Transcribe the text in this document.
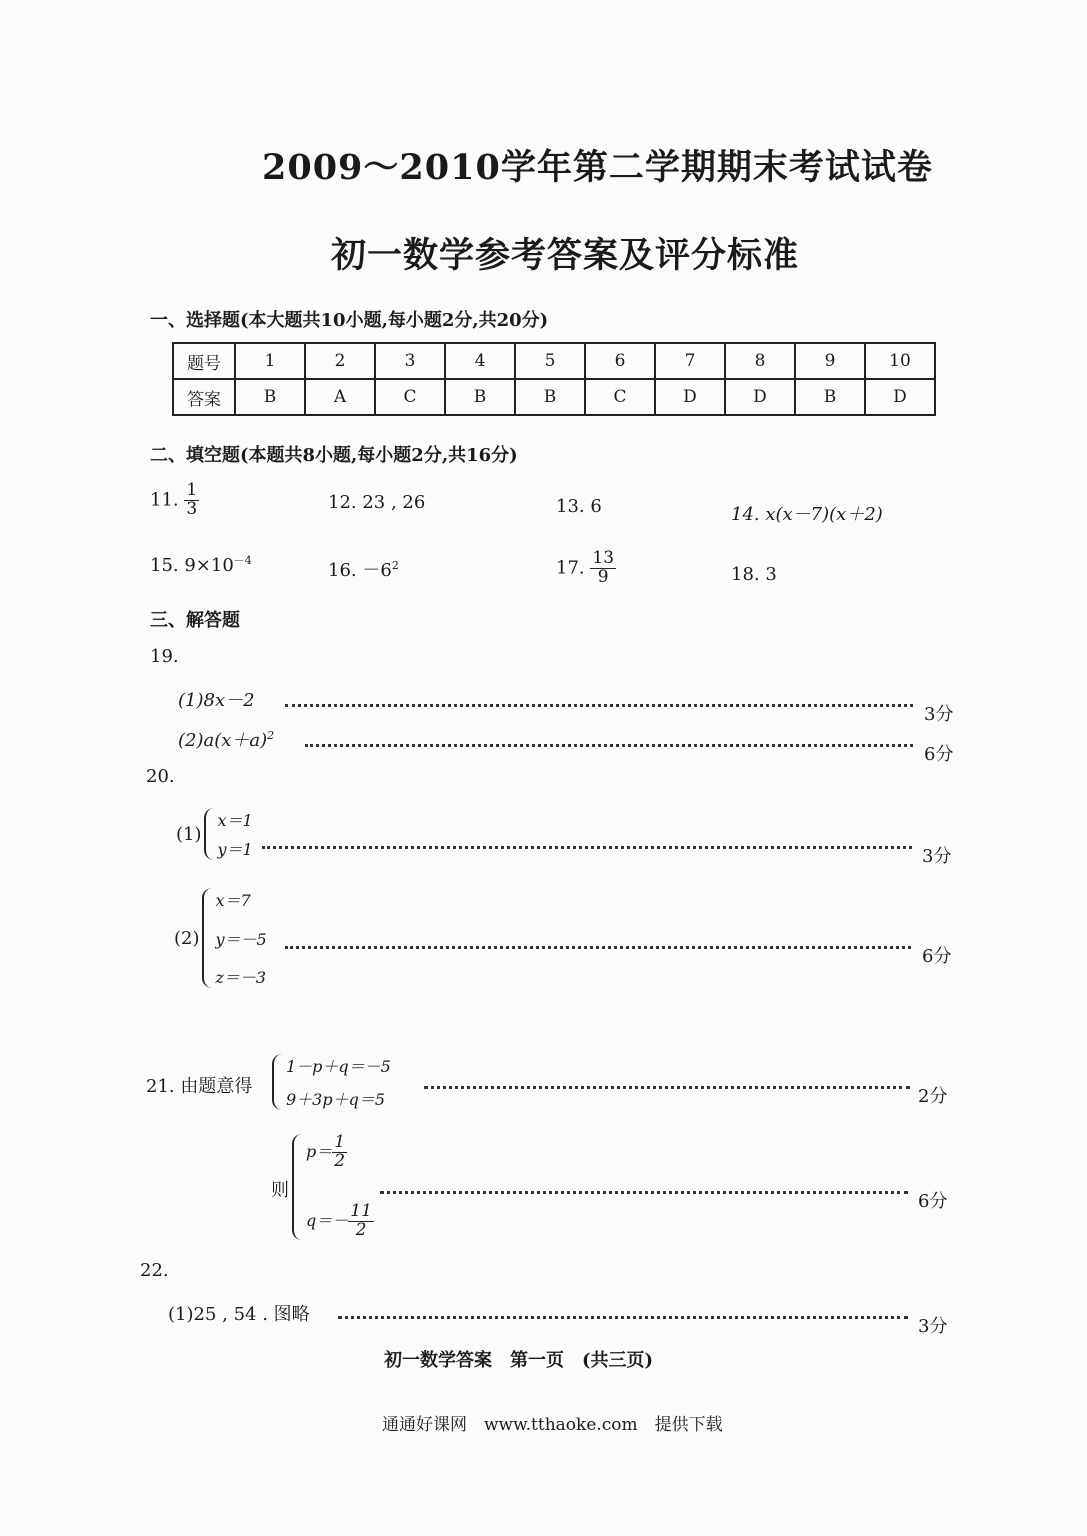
2009～2010学年第二学期期末考试试卷
初一数学参考答案及评分标准
一、选择题(本大题共10小题,每小题2分,共20分)
题号	1	2	3	4	5	6	7	8	9	10
答案	B	A	C	B	B	C	D	D	B	D
二、填空题(本题共8小题,每小题2分,共16分)
11. $\frac{1}{3}$	12. 23 , 26	13. 6	14. x(x－7)(x＋2)
15. $9\times 10^{-4}$	16. $-6^2$	17. $\frac{13}{9}$	18. 3
三、解答题
19.
(1)8x－2
3分
$(2)a(x+a)^2$
6分
20.
(1)
x＝1
y＝1	3分
(2)
x＝7
y＝－5
z＝－3
6分
21. 由题意得
1－p＋q＝－5
9＋3p＋q＝5	2分
则
$p= \frac{1}{2}$
$q=- \frac{11}{2}$
6分
22.
(1)25 , 54 . 图略
3分
初一数学答案　第一页　(共三页)
通通好课网　www.tthaoke.com　提供下载
